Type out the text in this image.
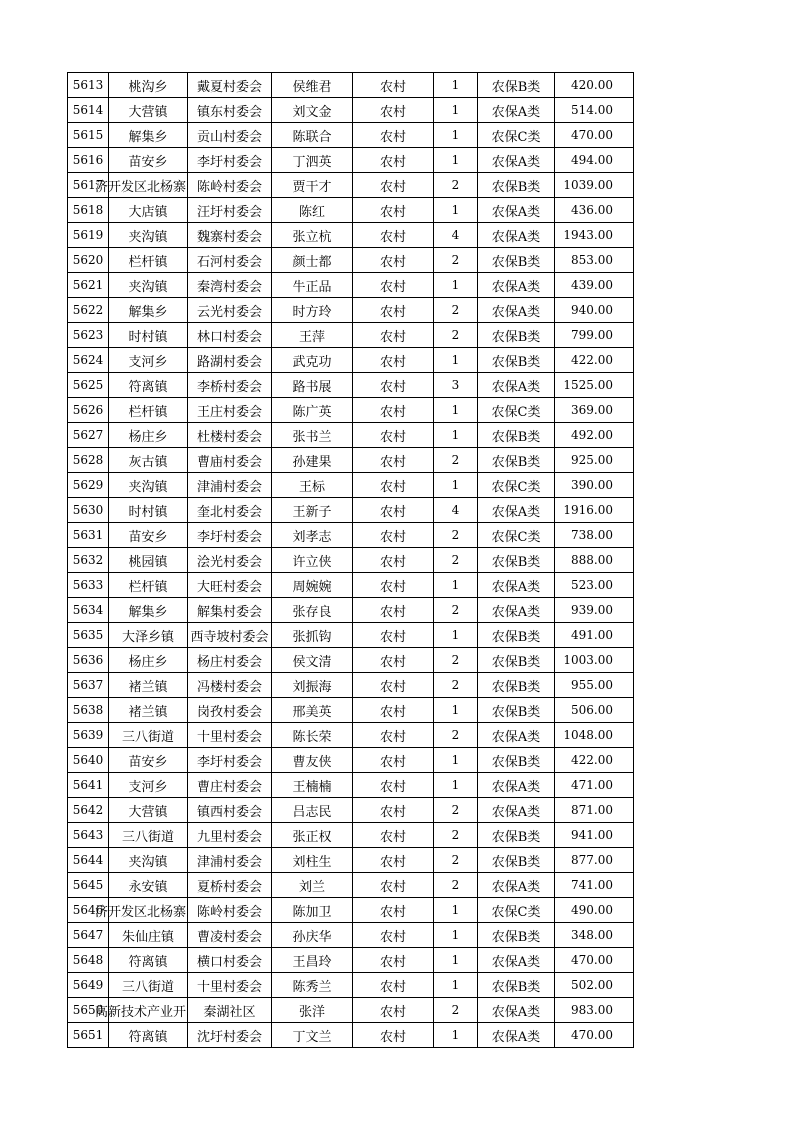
5613	桃沟乡	戴夏村委会	侯维君	农村	1	农保B类	420.00
5614	大营镇	镇东村委会	刘文金	农村	1	农保A类	514.00
5615	解集乡	贡山村委会	陈联合	农村	1	农保C类	470.00
5616	苗安乡	李圩村委会	丁泗英	农村	1	农保A类	494.00
5617	济开发区北杨寨	陈岭村委会	贾干才	农村	2	农保B类	1039.00
5618	大店镇	汪圩村委会	陈红	农村	1	农保A类	436.00
5619	夹沟镇	魏寨村委会	张立杭	农村	4	农保A类	1943.00
5620	栏杆镇	石河村委会	颜士都	农村	2	农保B类	853.00
5621	夹沟镇	秦湾村委会	牛正品	农村	1	农保A类	439.00
5622	解集乡	云光村委会	时方玲	农村	2	农保A类	940.00
5623	时村镇	林口村委会	王萍	农村	2	农保B类	799.00
5624	支河乡	路湖村委会	武克功	农村	1	农保B类	422.00
5625	符离镇	李桥村委会	路书展	农村	3	农保A类	1525.00
5626	栏杆镇	王庄村委会	陈广英	农村	1	农保C类	369.00
5627	杨庄乡	杜楼村委会	张书兰	农村	1	农保B类	492.00
5628	灰古镇	曹庙村委会	孙建果	农村	2	农保B类	925.00
5629	夹沟镇	津浦村委会	王标	农村	1	农保C类	390.00
5630	时村镇	奎北村委会	王新子	农村	4	农保A类	1916.00
5631	苗安乡	李圩村委会	刘孝志	农村	2	农保C类	738.00
5632	桃园镇	浍光村委会	许立侠	农村	2	农保B类	888.00
5633	栏杆镇	大旺村委会	周婉婉	农村	1	农保A类	523.00
5634	解集乡	解集村委会	张存良	农村	2	农保A类	939.00
5635	大泽乡镇	西寺坡村委会	张抓钩	农村	1	农保B类	491.00
5636	杨庄乡	杨庄村委会	侯文清	农村	2	农保B类	1003.00
5637	褚兰镇	冯楼村委会	刘振海	农村	2	农保B类	955.00
5638	褚兰镇	岗孜村委会	邢美英	农村	1	农保B类	506.00
5639	三八街道	十里村委会	陈长荣	农村	2	农保A类	1048.00
5640	苗安乡	李圩村委会	曹友侠	农村	1	农保B类	422.00
5641	支河乡	曹庄村委会	王楠楠	农村	1	农保A类	471.00
5642	大营镇	镇西村委会	吕志民	农村	2	农保A类	871.00
5643	三八街道	九里村委会	张正权	农村	2	农保B类	941.00
5644	夹沟镇	津浦村委会	刘柱生	农村	2	农保B类	877.00
5645	永安镇	夏桥村委会	刘兰	农村	2	农保A类	741.00
5646	济开发区北杨寨	陈岭村委会	陈加卫	农村	1	农保C类	490.00
5647	朱仙庄镇	曹凌村委会	孙庆华	农村	1	农保B类	348.00
5648	符离镇	横口村委会	王昌玲	农村	1	农保A类	470.00
5649	三八街道	十里村委会	陈秀兰	农村	1	农保B类	502.00
5650	高新技术产业开	秦湖社区	张洋	农村	2	农保A类	983.00
5651	符离镇	沈圩村委会	丁文兰	农村	1	农保A类	470.00
